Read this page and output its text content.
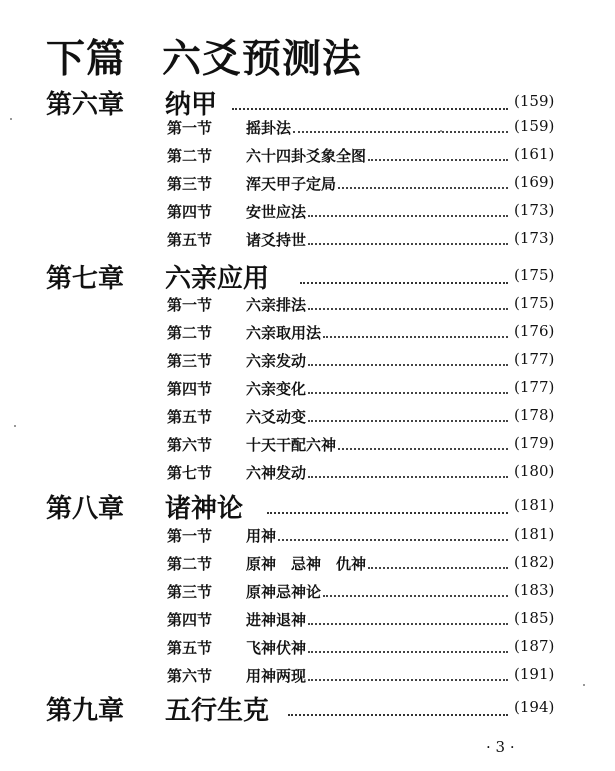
下篇 六爻预测法
第六章 纳甲	(159)
第一节 摇卦法	(159)
第二节 六十四卦爻象全图	(161)
第三节 浑天甲子定局	(169)
第四节 安世应法	(173)
第五节 诸爻持世	(173)
第七章 六亲应用	(175)
第一节 六亲排法	(175)
第二节 六亲取用法	(176)
第三节 六亲发动	(177)
第四节 六亲变化	(177)
第五节 六爻动变	(178)
第六节 十天干配六神	(179)
第七节 六神发动	(180)
第八章 诸神论	(181)
第一节 用神	(181)
第二节 原神　忌神　仇神	(182)
第三节 原神忌神论	(183)
第四节 进神退神	(185)
第五节 飞神伏神	(187)
第六节 用神两现	(191)
第九章 五行生克	(194)
· 3 ·
